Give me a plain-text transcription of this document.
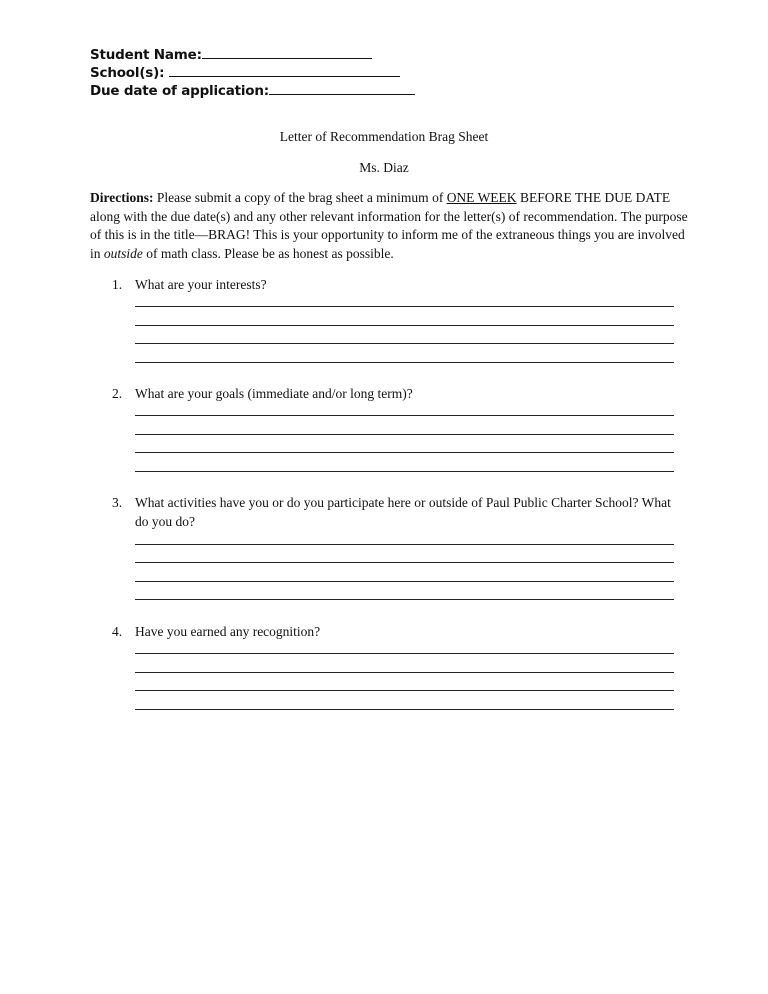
Student Name:
School(s):
Due date of application:
Letter of Recommendation Brag Sheet
Ms. Diaz
Directions: Please submit a copy of the brag sheet a minimum of ONE WEEK BEFORE THE DUE DATE along with the due date(s) and any other relevant information for the letter(s) of recommendation. The purpose of this is in the title—BRAG! This is your opportunity to inform me of the extraneous things you are involved in outside of math class. Please be as honest as possible.
1. What are your interests?
2. What are your goals (immediate and/or long term)?
3. What activities have you or do you participate here or outside of Paul Public Charter School? What do you do?
4. Have you earned any recognition?
